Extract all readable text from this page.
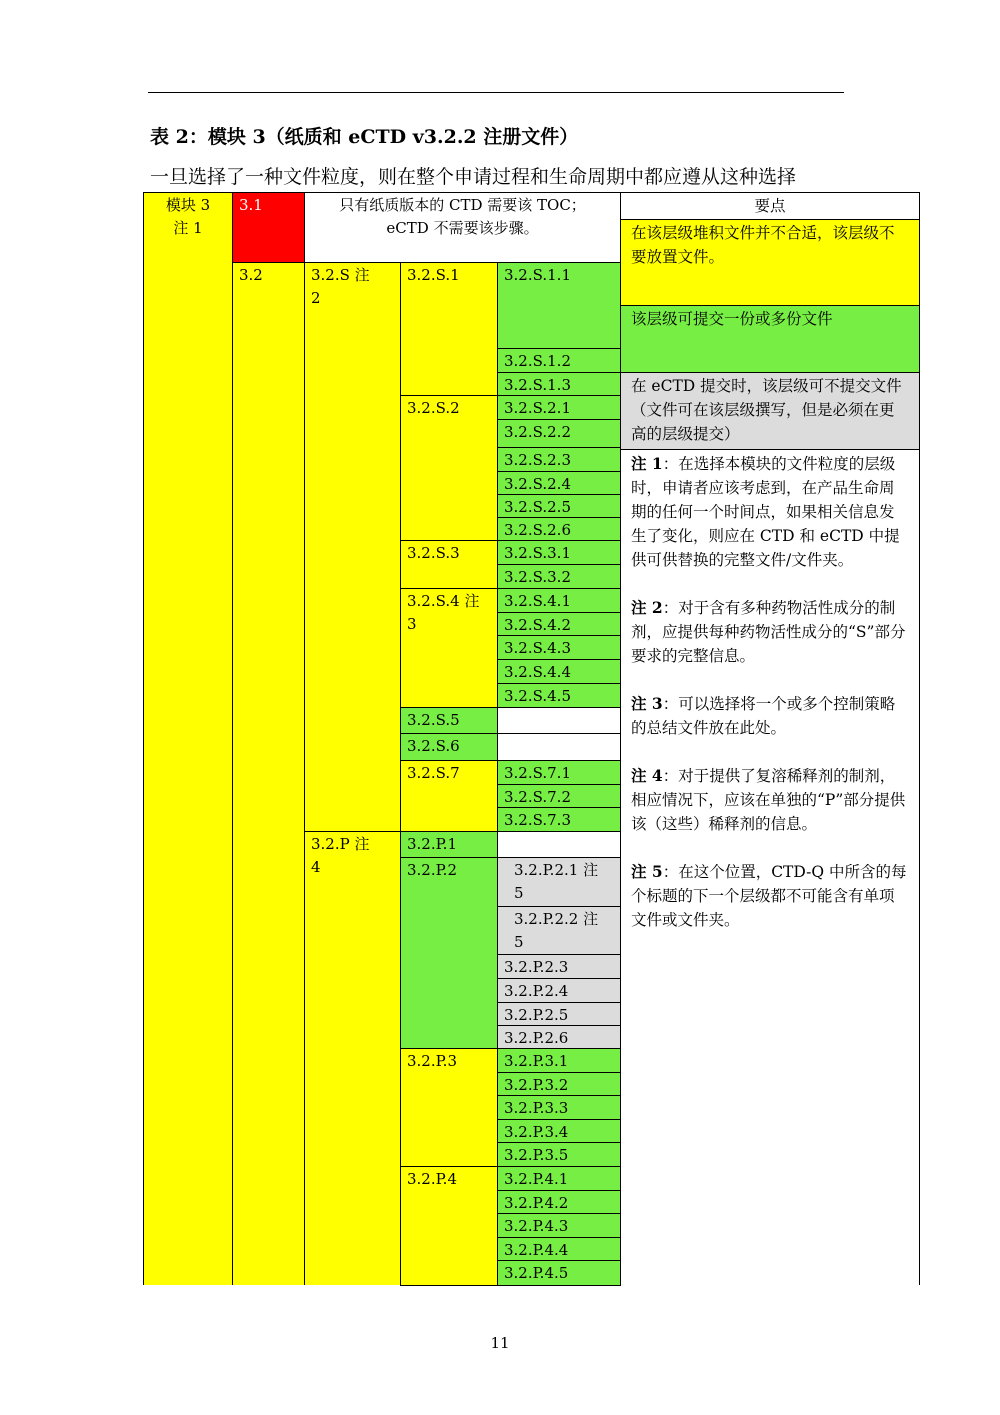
表 2：模块 3（纸质和 eCTD v3.2.2 注册文件）
一旦选择了一种文件粒度，则在整个申请过程和生命周期中都应遵从这种选择
模块 3
注 1
3.1	只有纸质版本的 CTD 需要该 TOC；
eCTD 不需要该步骤。
3.2	3.2.S 注
2
3.2.P 注
4
3.2.S.1
3.2.S.2
3.2.S.3
3.2.S.4 注
3
3.2.S.5
3.2.S.6
3.2.S.7
3.2.P.1
3.2.P.2
3.2.P.3
3.2.P.4
3.2.S.1.1
3.2.S.1.2
3.2.S.1.3
3.2.S.2.1
3.2.S.2.2
3.2.S.2.3
3.2.S.2.4
3.2.S.2.5
3.2.S.2.6
3.2.S.3.1
3.2.S.3.2
3.2.S.4.1
3.2.S.4.2
3.2.S.4.3
3.2.S.4.4
3.2.S.4.5
3.2.S.7.1
3.2.S.7.2
3.2.S.7.3
3.2.P.2.1 注
5
3.2.P.2.2 注
5
3.2.P.2.3
3.2.P.2.4
3.2.P.2.5
3.2.P.2.6
3.2.P.3.1
3.2.P.3.2
3.2.P.3.3
3.2.P.3.4
3.2.P.3.5
3.2.P.4.1
3.2.P.4.2
3.2.P.4.3
3.2.P.4.4
3.2.P.4.5
要点
在该层级堆积文件并不合适，该层级不要放置文件。
该层级可提交一份或多份文件
在 eCTD 提交时，该层级可不提交文件（文件可在该层级撰写，但是必须在更高的层级提交）

注 1：在选择本模块的文件粒度的层级时，申请者应该考虑到，在产品生命周期的任何一个时间点，如果相关信息发生了变化，则应在 CTD 和 eCTD 中提供可供替换的完整文件/文件夹。

注 2：对于含有多种药物活性成分的制剂，应提供每种药物活性成分的“S”部分要求的完整信息。

注 3：可以选择将一个或多个控制策略的总结文件放在此处。

注 4：对于提供了复溶稀释剂的制剂，相应情况下，应该在单独的“P”部分提供该（这些）稀释剂的信息。

注 5：在这个位置，CTD-Q 中所含的每个标题的下一个层级都不可能含有单项文件或文件夹。

11
